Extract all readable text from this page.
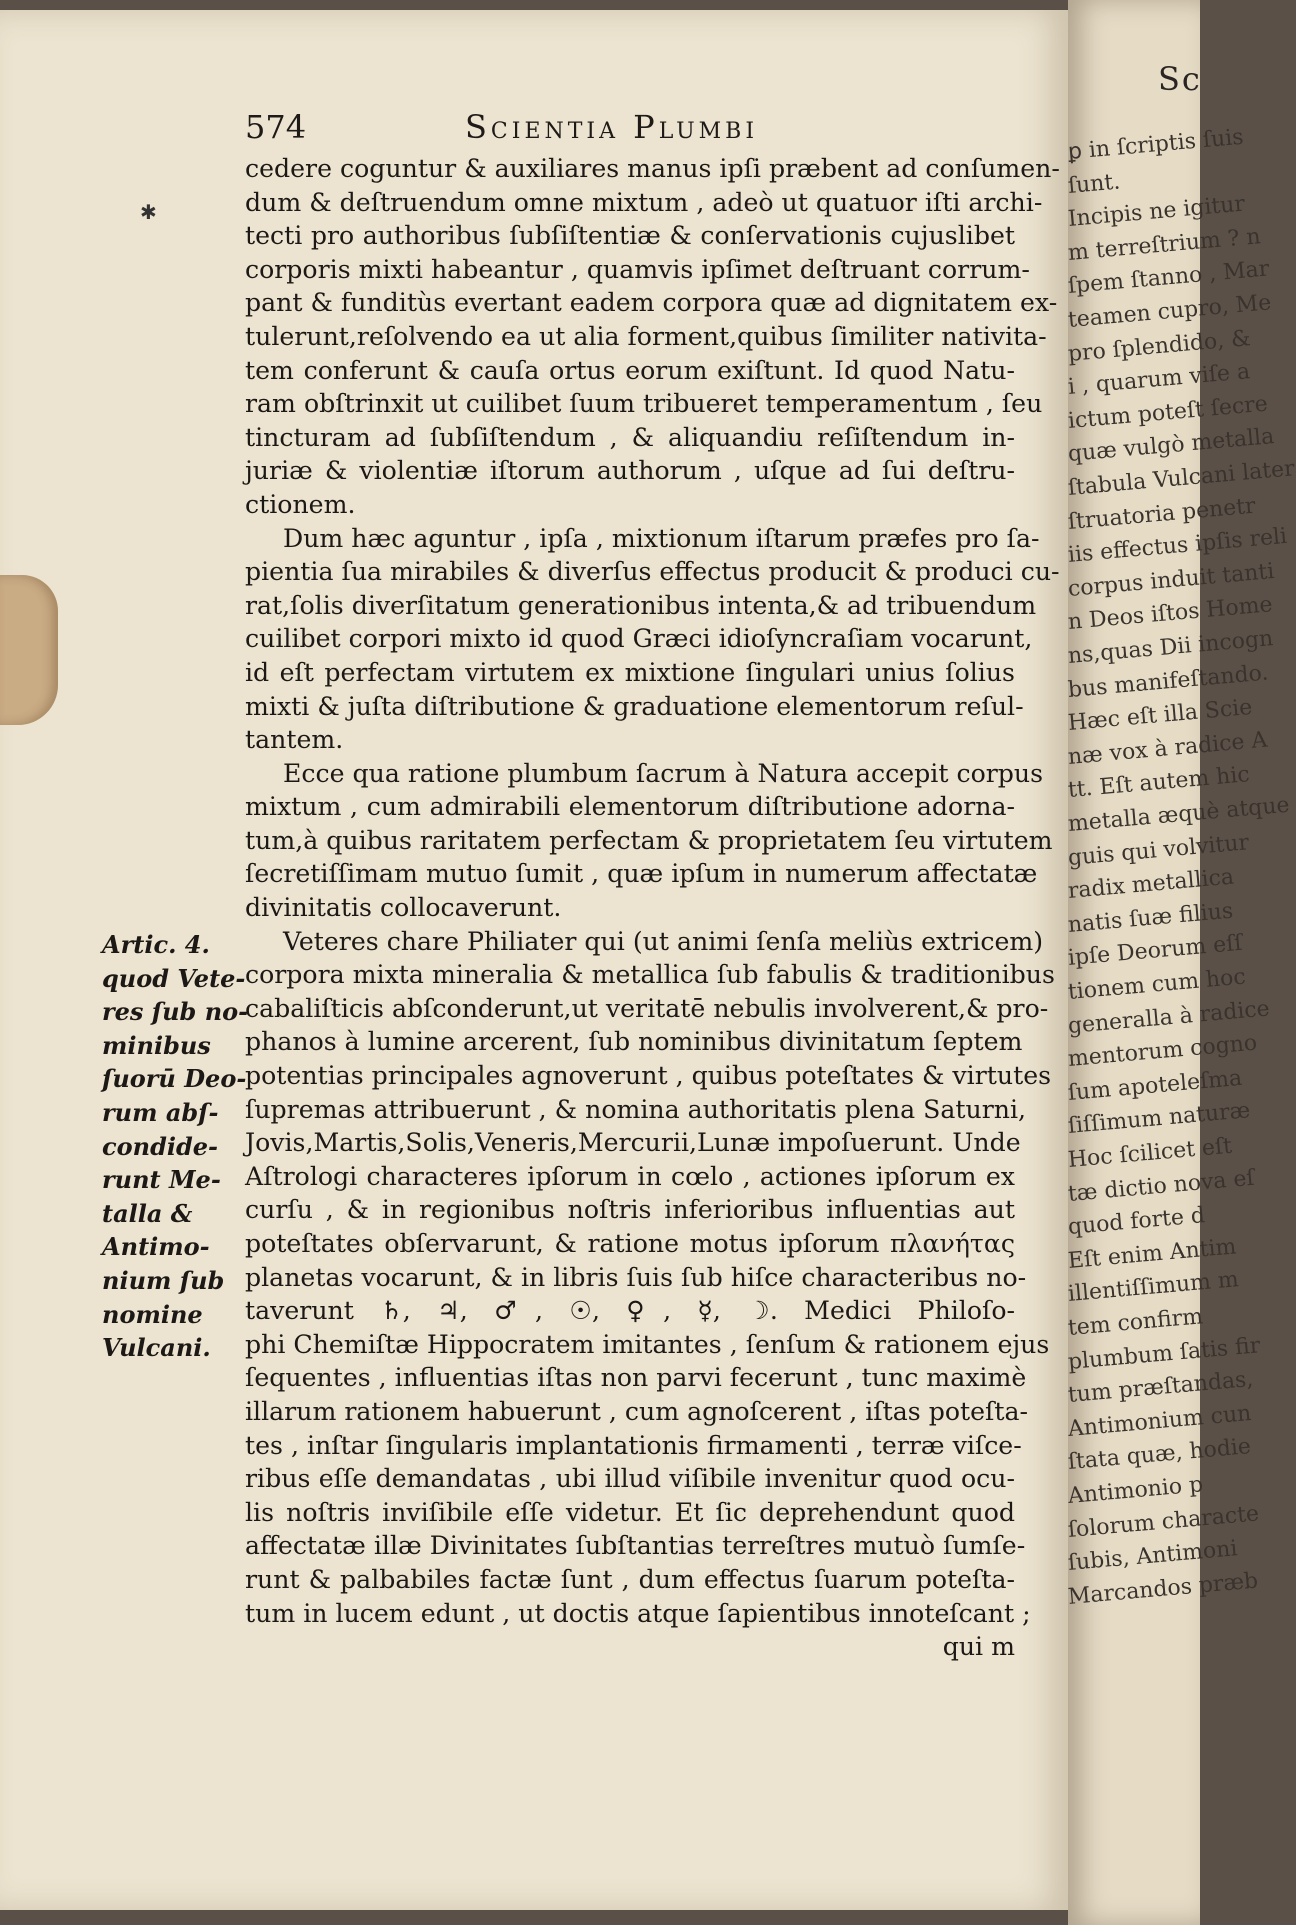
574	Scientia Plumbi
✱
cedere coguntur & auxiliares manus ipſi præbent ad conſumen-
dum & deſtruendum omne mixtum , adeò ut quatuor iſti archi-
tecti pro authoribus ſubſiſtentiæ & conſervationis cujuslibet
corporis mixti habeantur , quamvis ipſimet deſtruant corrum-
pant & funditùs evertant eadem corpora quæ ad dignitatem ex-
tulerunt,reſolvendo ea ut alia forment,quibus ſimiliter nativita-
tem conferunt & cauſa ortus eorum exiſtunt. Id quod Natu-
ram obſtrinxit ut cuilibet ſuum tribueret temperamentum , ſeu
tincturam ad ſubſiſtendum , & aliquandiu reſiſtendum in-
juriæ & violentiæ iſtorum authorum , uſque ad ſui deſtru-
ctionem.
Dum hæc aguntur , ipſa , mixtionum iſtarum præfes pro ſa-
pientia ſua mirabiles & diverſus effectus producit & produci cu-
rat,ſolis diverſitatum generationibus intenta,& ad tribuendum
cuilibet corpori mixto id quod Græci idioſyncraſiam vocarunt,
id eſt perfectam virtutem ex mixtione ſingulari unius ſolius
mixti & juſta diſtributione & graduatione elementorum reſul-
tantem.
Ecce qua ratione plumbum ſacrum à Natura accepit corpus
mixtum , cum admirabili elementorum diſtributione adorna-
tum,à quibus raritatem perfectam & proprietatem ſeu virtutem
ſecretiſſimam mutuo ſumit , quæ ipſum in numerum affectatæ
divinitatis collocaverunt.
Veteres chare Philiater qui (ut animi ſenſa meliùs extricem)
corpora mixta mineralia & metallica ſub fabulis & traditionibus
cabaliſticis abſconderunt,ut veritatē nebulis involverent,& pro-
phanos à lumine arcerent, ſub nominibus divinitatum ſeptem
potentias principales agnoverunt , quibus poteſtates & virtutes
ſupremas attribuerunt , & nomina authoritatis plena Saturni,
Jovis,Martis,Solis,Veneris,Mercurii,Lunæ impoſuerunt. Unde
Aſtrologi characteres ipſorum in cœlo , actiones ipſorum ex
curſu , & in regionibus noſtris inferioribus influentias aut
poteſtates obſervarunt, & ratione motus ipſorum πλανήτας
planetas vocarunt, & in libris ſuis ſub hiſce characteribus no-
taverunt ♄, ♃, ♂, ☉, ♀, ☿, ☽. Medici Philoſo-
phi Chemiſtæ Hippocratem imitantes , ſenſum & rationem ejus
ſequentes , influentias iſtas non parvi fecerunt , tunc maximè
illarum rationem habuerunt , cum agnoſcerent , iſtas poteſta-
tes , inſtar ſingularis implantationis firmamenti , terræ viſce-
ribus eſſe demandatas , ubi illud viſibile invenitur quod ocu-
lis noſtris inviſibile eſſe videtur. Et ſic deprehendunt quod
affectatæ illæ Divinitates ſubſtantias terreſtres mutuò ſumſe-
runt & palbabiles factæ ſunt , dum effectus ſuarum poteſta-
tum in lucem edunt , ut doctis atque ſapientibus innoteſcant ;
qui m
Artic. 4.
quod Vete-
res ſub no-
minibus
ſuorū Deo-
rum abſ-
condide-
runt Me-
talla &
Antimo-
nium ſub
nomine
Vulcani.
Sc
ꝑ in ſcriptis ſuis
ſunt.
Incipis ne igitur
m terreſtrium ? n
ſpem ſtanno , Mar
teamen cupro, Me
pro ſplendido, &
i , quarum viſe a
ictum poteſt ſecre
quæ vulgò metalla
ſtabula Vulcani later
ſtruatoria penetr
iis effectus ipſis reli
corpus induit tanti
n Deos iſtos Home
ns,quas Dii incogn
bus manifeſtando.
Hæc eſt illa Scie
næ vox à radice A
tt. Eſt autem hic
metalla æquè atque
guis qui volvitur
radix metallica
natis ſuæ filius
ipſe Deorum eſſ
tionem cum hoc
generalla à radice
mentorum cogno
ſum apoteleſma
ſiſſimum naturæ
Hoc ſcilicet eſt
tæ dictio nova eſ
quod forte d
Eſt enim Antim
illentiſſimum m
tem confirm
plumbum ſatis fir
tum præſtandas,
Antimonium cun
ſtata quæ, hodie
Antimonio p
ſolorum characte
ſubis, Antimoni
Marcandos præb
